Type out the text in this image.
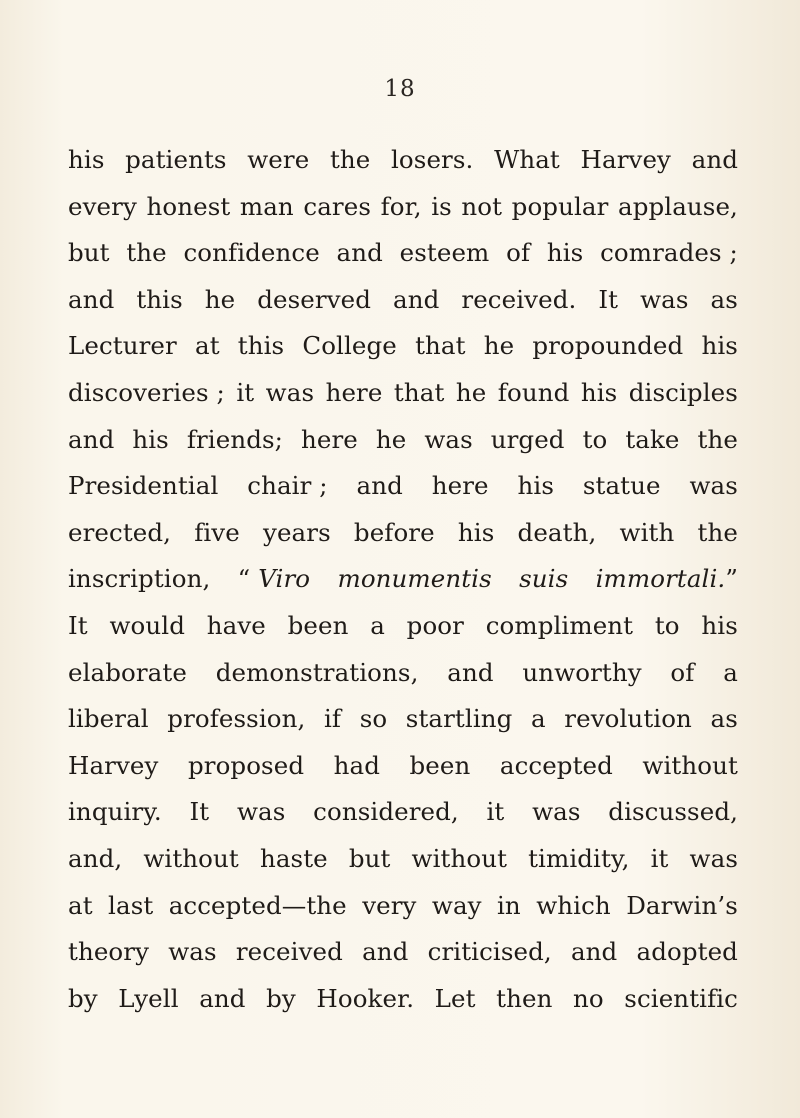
18
his patients were the losers. What Harvey and
every honest man cares for, is not popular applause,
but the confidence and esteem of his comrades ;
and this he deserved and received. It was as
Lecturer at this College that he propounded his
discoveries ; it was here that he found his disciples
and his friends; here he was urged to take the
Presidential chair ; and here his statue was
erected, five years before his death, with the
inscription, “ Viro monumentis suis immortali.”
It would have been a poor compliment to his
elaborate demonstrations, and unworthy of a
liberal profession, if so startling a revolution as
Harvey proposed had been accepted without
inquiry. It was considered, it was discussed,
and, without haste but without timidity, it was
at last accepted—the very way in which Darwin’s
theory was received and criticised, and adopted
by Lyell and by Hooker. Let then no scientific
